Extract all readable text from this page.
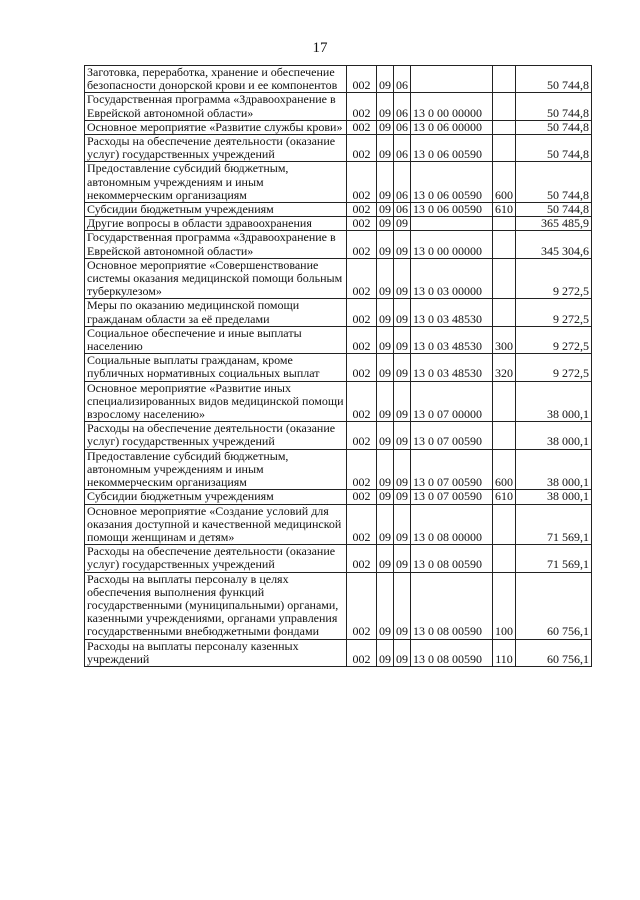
17
Заготовка, переработка, хранение и обеспечение безопасности донорской крови и ее компонентов	002	09	06			50 744,8
Государственная программа «Здравоохранение в Еврейской автономной области»	002	09	06	13 0 00 00000		50 744,8
Основное мероприятие «Развитие службы крови»	002	09	06	13 0 06 00000		50 744,8
Расходы на обеспечение деятельности (оказание услуг) государственных учреждений	002	09	06	13 0 06 00590		50 744,8
Предоставление субсидий бюджетным, автономным учреждениям и иным некоммерческим организациям	002	09	06	13 0 06 00590	600	50 744,8
Субсидии бюджетным учреждениям	002	09	06	13 0 06 00590	610	50 744,8
Другие вопросы в области здравоохранения	002	09	09			365 485,9
Государственная программа «Здравоохранение в Еврейской автономной области»	002	09	09	13 0 00 00000		345 304,6
Основное мероприятие «Совершенствование системы оказания медицинской помощи больным туберкулезом»	002	09	09	13 0 03 00000		9 272,5
Меры по оказанию медицинской помощи гражданам области за её пределами	002	09	09	13 0 03 48530		9 272,5
Социальное обеспечение и иные выплаты населению	002	09	09	13 0 03 48530	300	9 272,5
Социальные выплаты гражданам, кроме публичных нормативных социальных выплат	002	09	09	13 0 03 48530	320	9 272,5
Основное мероприятие «Развитие иных специализированных видов медицинской помощи взрослому населению»	002	09	09	13 0 07 00000		38 000,1
Расходы на обеспечение деятельности (оказание услуг) государственных учреждений	002	09	09	13 0 07 00590		38 000,1
Предоставление субсидий бюджетным, автономным учреждениям и иным некоммерческим организациям	002	09	09	13 0 07 00590	600	38 000,1
Субсидии бюджетным учреждениям	002	09	09	13 0 07 00590	610	38 000,1
Основное мероприятие «Создание условий для оказания доступной и качественной медицинской помощи женщинам и детям»	002	09	09	13 0 08 00000		71 569,1
Расходы на обеспечение деятельности (оказание услуг) государственных учреждений	002	09	09	13 0 08 00590		71 569,1
Расходы на выплаты персоналу в целях обеспечения выполнения функций государственными (муниципальными) органами, казенными учреждениями, органами управления государственными внебюджетными фондами	002	09	09	13 0 08 00590	100	60 756,1
Расходы на выплаты персоналу казенных учреждений	002	09	09	13 0 08 00590	110	60 756,1
